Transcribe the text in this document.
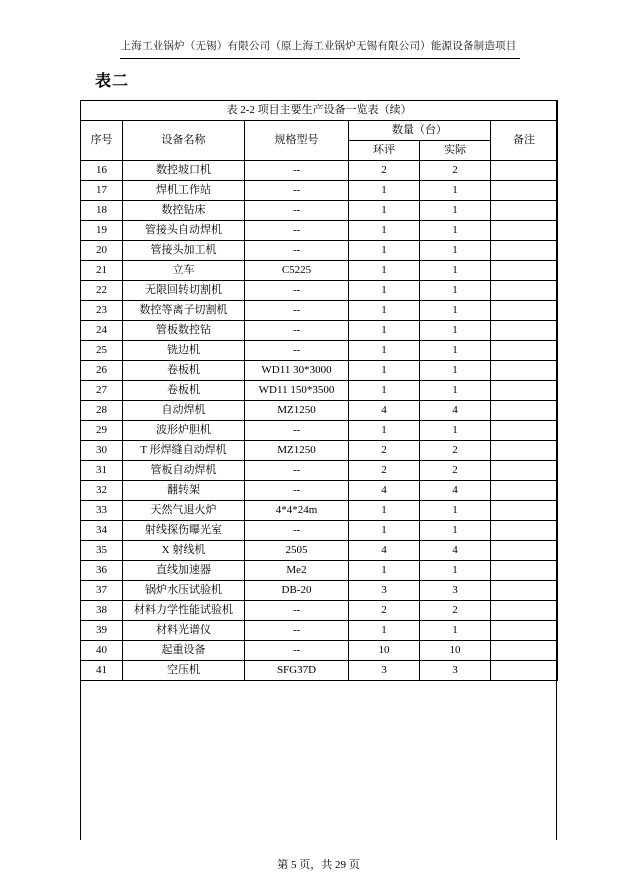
上海工业锅炉（无锡）有限公司（原上海工业锅炉无锡有限公司）能源设备制造项目
表二
表 2-2 项目主要生产设备一览表（续）					
序号	设备名称	规格型号	数量（台）		备注
			环评	实际	
16	数控坡口机	--	2	2	
17	焊机工作站	--	1	1	
18	数控钻床	--	1	1	
19	管接头自动焊机	--	1	1	
20	管接头加工机	--	1	1	
21	立车	C5225	1	1	
22	无限回转切割机	--	1	1	
23	数控等离子切割机	--	1	1	
24	管板数控钻	--	1	1	
25	铣边机	--	1	1	
26	卷板机	WD11 30*3000	1	1	
27	卷板机	WD11 150*3500	1	1	
28	自动焊机	MZ1250	4	4	
29	波形炉胆机	--	1	1	
30	T 形焊缝自动焊机	MZ1250	2	2	
31	管板自动焊机	--	2	2	
32	翻转架	--	4	4	
33	天然气退火炉	4*4*24m	1	1	
34	射线探伤曝光室	--	1	1	
35	X 射线机	2505	4	4	
36	直线加速器	Me2	1	1	
37	锅炉水压试验机	DB-20	3	3	
38	材料力学性能试验机	--	2	2	
39	材料光谱仪	--	1	1	
40	起重设备	--	10	10	
41	空压机	SFG37D	3	3	
第 5 页，共 29 页
